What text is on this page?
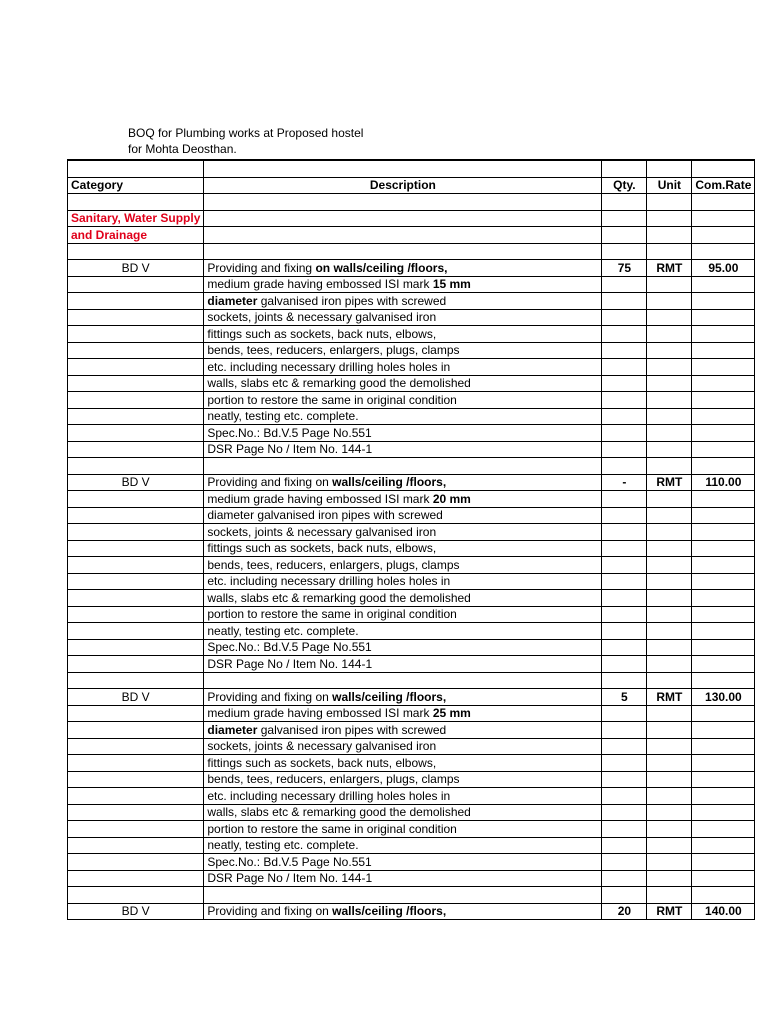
BOQ for Plumbing works at Proposed hostel
for Mohta Deosthan.

Category	Description	Qty.	Unit	Com.Rate

Sanitary, Water Supply				
and Drainage				

BD V	Providing and fixing on walls/ceiling /floors,	75	RMT	95.00
	medium grade having embossed ISI mark 15 mm			
	diameter galvanised iron pipes with screwed			
	sockets, joints & necessary galvanised iron			
	fittings such as sockets, back nuts, elbows,			
	bends, tees, reducers, enlargers, plugs, clamps			
	etc. including necessary drilling holes holes in			
	walls, slabs etc & remarking good the demolished			
	portion to restore the same in original condition			
	neatly, testing etc. complete.			
	Spec.No.: Bd.V.5 Page No.551			
	DSR Page No / Item No. 144-1			

BD V	Providing and fixing on walls/ceiling /floors,	-	RMT	110.00
	medium grade having embossed ISI mark 20 mm			
	diameter galvanised iron pipes with screwed			
	sockets, joints & necessary galvanised iron			
	fittings such as sockets, back nuts, elbows,			
	bends, tees, reducers, enlargers, plugs, clamps			
	etc. including necessary drilling holes holes in			
	walls, slabs etc & remarking good the demolished			
	portion to restore the same in original condition			
	neatly, testing etc. complete.			
	Spec.No.: Bd.V.5 Page No.551			
	DSR Page No / Item No. 144-1			

BD V	Providing and fixing on walls/ceiling /floors,	5	RMT	130.00
	medium grade having embossed ISI mark 25 mm			
	diameter galvanised iron pipes with screwed			
	sockets, joints & necessary galvanised iron			
	fittings such as sockets, back nuts, elbows,			
	bends, tees, reducers, enlargers, plugs, clamps			
	etc. including necessary drilling holes holes in			
	walls, slabs etc & remarking good the demolished			
	portion to restore the same in original condition			
	neatly, testing etc. complete.			
	Spec.No.: Bd.V.5 Page No.551			
	DSR Page No / Item No. 144-1			

BD V	Providing and fixing on walls/ceiling /floors,	20	RMT	140.00
